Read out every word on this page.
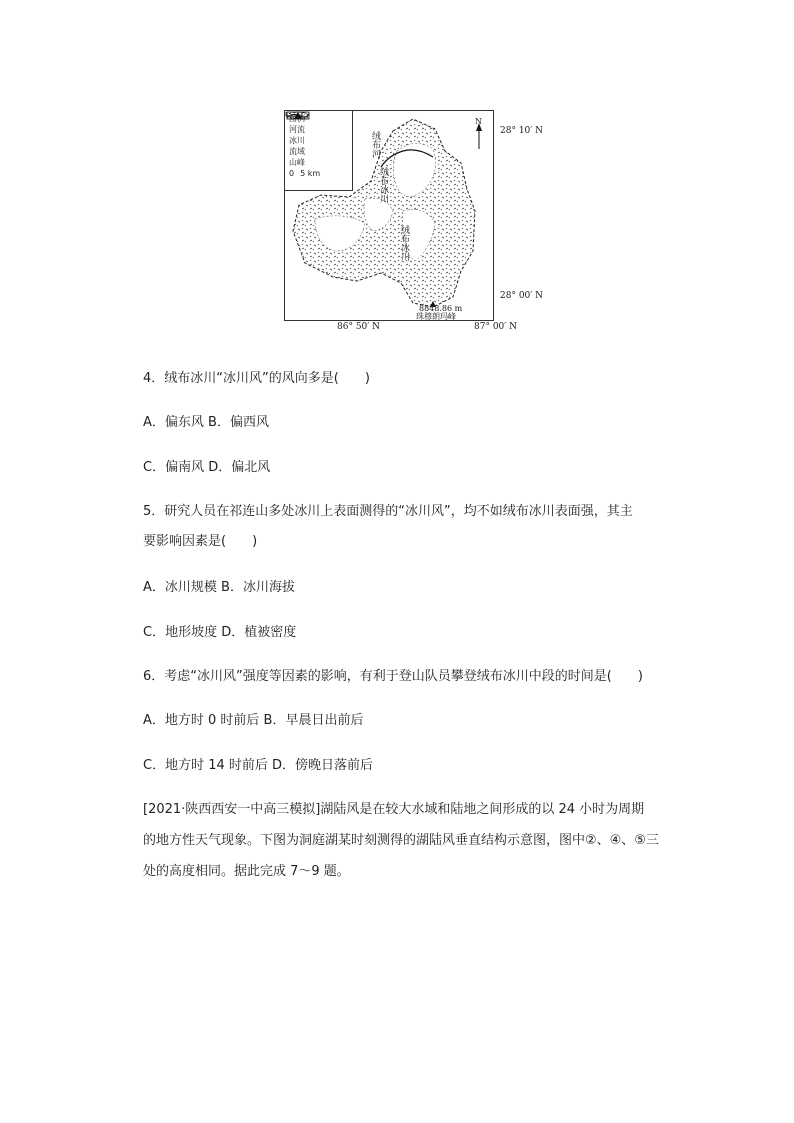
河流
冰川
流域
山峰
0 5 km
N
绒布河
绒布冰川
绒布冰川
8848.86 m
珠穆朗玛峰
28° 10′ N
28° 00′ N
86° 50′ N	87° 00′ N
4．绒布冰川“冰川风”的风向多是(　　)
A．偏东风 B．偏西风
C．偏南风 D．偏北风
5．研究人员在祁连山多处冰川上表面测得的“冰川风”，均不如绒布冰川表面强，其主
要影响因素是(　　)
A．冰川规模 B．冰川海拔
C．地形坡度 D．植被密度
6．考虑“冰川风”强度等因素的影响，有利于登山队员攀登绒布冰川中段的时间是(　　)
A．地方时 0 时前后 B．早晨日出前后
C．地方时 14 时前后 D．傍晚日落前后
[2021·陕西西安一中高三模拟]湖陆风是在较大水域和陆地之间形成的以 24 小时为周期
的地方性天气现象。下图为洞庭湖某时刻测得的湖陆风垂直结构示意图，图中②、④、⑤三
处的高度相同。据此完成 7～9 题。
